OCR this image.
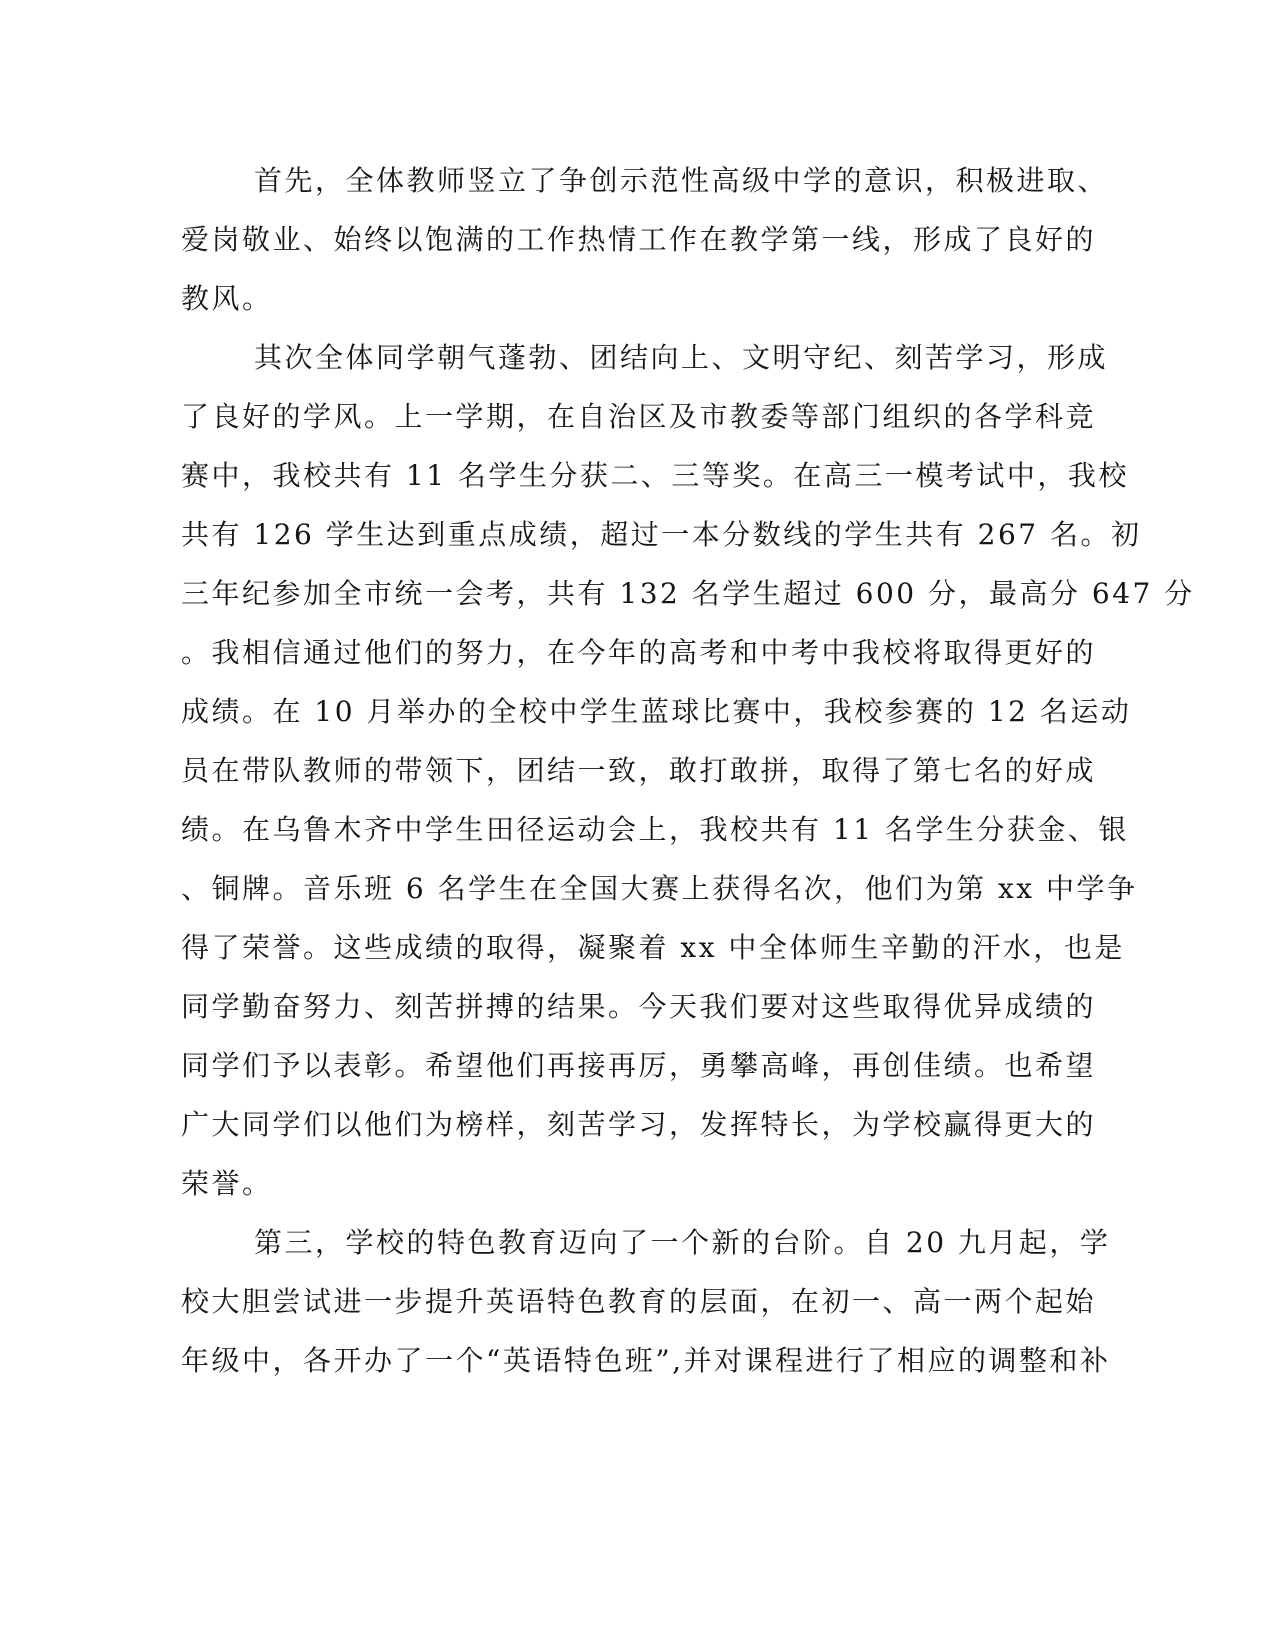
首先，全体教师竖立了争创示范性高级中学的意识，积极进取、
爱岗敬业、始终以饱满的工作热情工作在教学第一线，形成了良好的
教风。
其次全体同学朝气蓬勃、团结向上、文明守纪、刻苦学习，形成
了良好的学风。上一学期，在自治区及市教委等部门组织的各学科竞
赛中，我校共有 11 名学生分获二、三等奖。在高三一模考试中，我校
共有 126 学生达到重点成绩，超过一本分数线的学生共有 267 名。初
三年纪参加全市统一会考，共有 132 名学生超过 600 分，最高分 647 分
。我相信通过他们的努力，在今年的高考和中考中我校将取得更好的
成绩。在 10 月举办的全校中学生蓝球比赛中，我校参赛的 12 名运动
员在带队教师的带领下，团结一致，敢打敢拼，取得了第七名的好成
绩。在乌鲁木齐中学生田径运动会上，我校共有 11 名学生分获金、银
、铜牌。音乐班 6 名学生在全国大赛上获得名次，他们为第 xx 中学争
得了荣誉。这些成绩的取得，凝聚着 xx 中全体师生辛勤的汗水，也是
同学勤奋努力、刻苦拼搏的结果。今天我们要对这些取得优异成绩的
同学们予以表彰。希望他们再接再厉，勇攀高峰，再创佳绩。也希望
广大同学们以他们为榜样，刻苦学习，发挥特长，为学校赢得更大的
荣誉。
第三，学校的特色教育迈向了一个新的台阶。自 20 九月起，学
校大胆尝试进一步提升英语特色教育的层面，在初一、高一两个起始
年级中，各开办了一个“英语特色班”,并对课程进行了相应的调整和补
